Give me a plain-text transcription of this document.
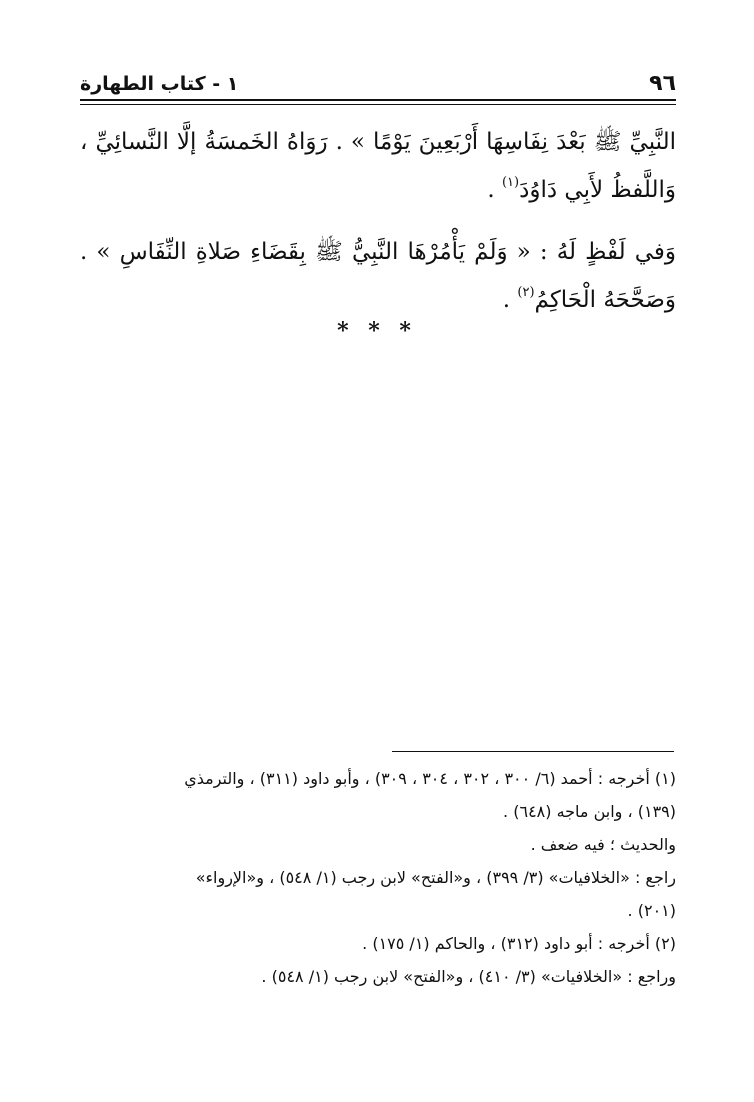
٩٦
١ - كتاب الطهارة

النَّبِيِّ ﷺ بَعْدَ نِفَاسِهَا أَرْبَعِينَ يَوْمًا » . رَوَاهُ الخَمسَةُ إلَّا النَّسائِيِّ ، وَاللَّفظُ لأَبِي دَاوُدَ$^{(١)}$ .

وَفي لَفْظٍ لَهُ : « وَلَمْ يَأْمُرْهَا النَّبِيُّ ﷺ بِقَضَاءِ صَلاةِ النِّفَاسِ » . وَصَحَّحَهُ الْحَاكِمُ$^{(٢)}$ .

* * *
(١) أخرجه : أحمد (٦/ ٣٠٠ ، ٣٠٢ ، ٣٠٤ ، ٣٠٩) ، وأبو داود (٣١١) ، والترمذي
(١٣٩) ، وابن ماجه (٦٤٨) .
والحديث ؛ فيه ضعف .
راجع : «الخلافيات» (٣/ ٣٩٩) ، و«الفتح» لابن رجب (١/ ٥٤٨) ، و«الإرواء»
(٢٠١) .
(٢) أخرجه : أبو داود (٣١٢) ، والحاكم (١/ ١٧٥) .
وراجع : «الخلافيات» (٣/ ٤١٠) ، و«الفتح» لابن رجب (١/ ٥٤٨) .
